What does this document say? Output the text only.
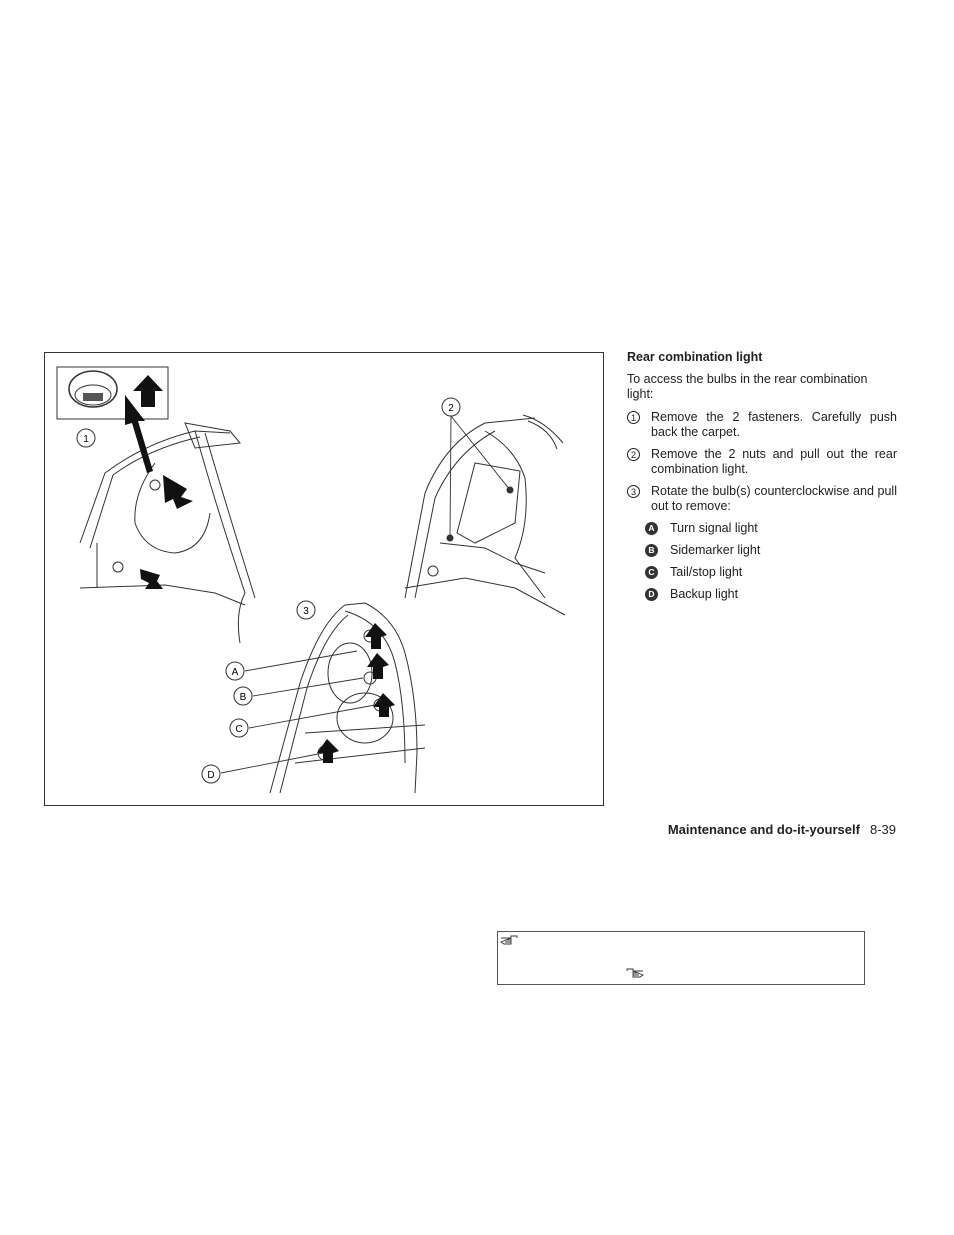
1
2
3
A
B
C
D
Rear combination light
To access the bulbs in the rear combination light:
1	Remove the 2 fasteners. Carefully push back the carpet.
2	Remove the 2 nuts and pull out the rear combination light.
3	Rotate the bulb(s) counterclockwise and pull out to remove:
A Turn signal light
B Sidemarker light
C Tail/stop light
D Backup light
Maintenance and do-it-yourself 8-39
